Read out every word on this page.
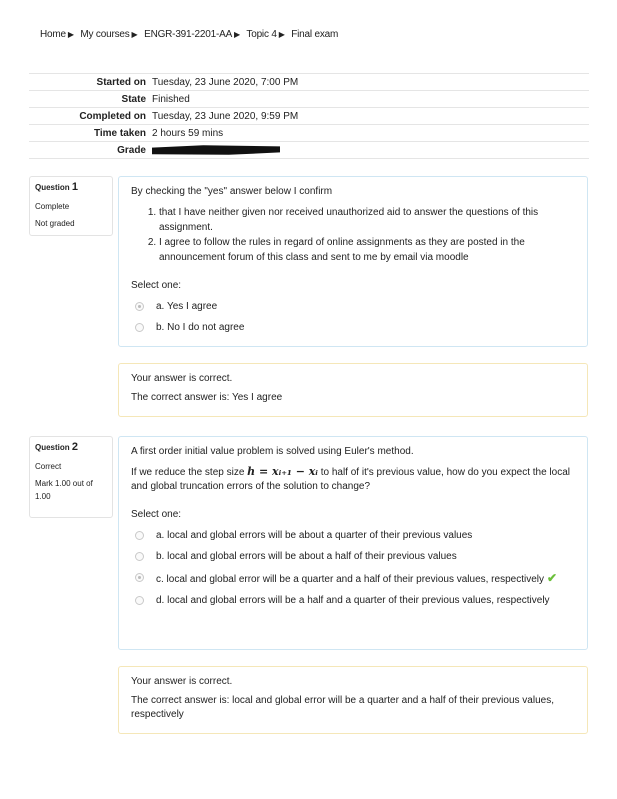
Home ▶ My courses ▶ ENGR-391-2201-AA ▶ Topic 4 ▶ Final exam
Started on	Tuesday, 23 June 2020, 7:00 PM
State	Finished
Completed on	Tuesday, 23 June 2020, 9:59 PM
Time taken	2 hours 59 mins
Grade	
Question 1
Complete
Not graded

By checking the "yes" answer below I confirm

1. that I have neither given nor received unauthorized aid to answer the questions of this assignment.
2. I agree to follow the rules in regard of online assignments as they are posted in the announcement forum of this class and sent to me by email via moodle

Select one:

a. Yes I agree
b. No I do not agree
Your answer is correct.
The correct answer is: Yes I agree
Question 2
Correct
Mark 1.00 out of 1.00

A first order initial value problem is solved using Euler's method.

If we reduce the step size h = xᵢ₊₁ − xᵢ to half of it's previous value, how do you expect the local and global truncation errors of the solution to change?

Select one:

a. local and global errors will be about a quarter of their previous values
b. local and global errors will be about a half of their previous values
c. local and global error will be a quarter and a half of their previous values, respectively ✔
d. local and global errors will be a half and a quarter of their previous values, respectively
Your answer is correct.
The correct answer is: local and global error will be a quarter and a half of their previous values, respectively
